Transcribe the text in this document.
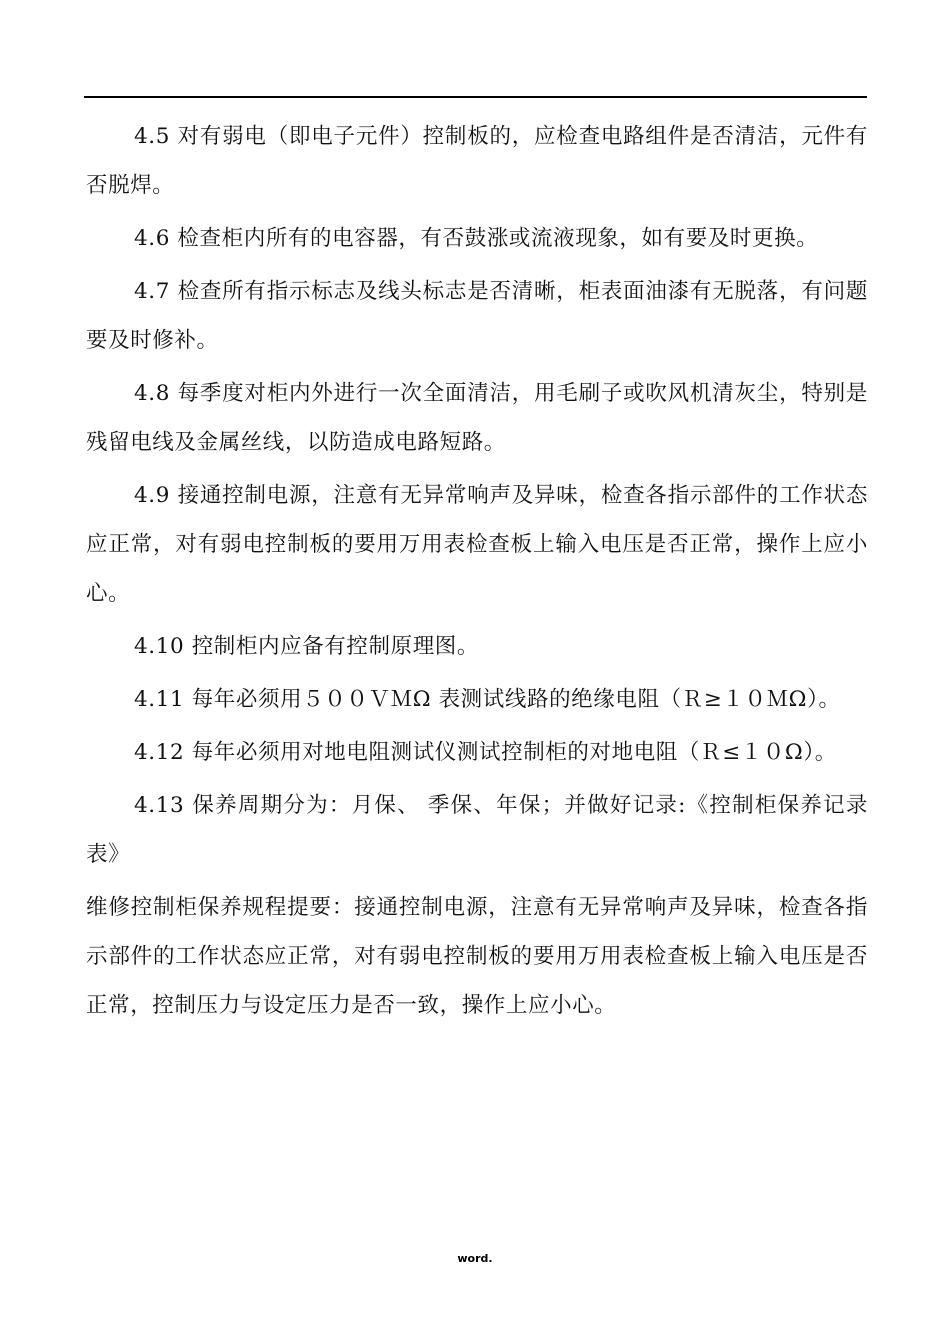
4.5 对有弱电（即电子元件）控制板的，应检查电路组件是否清洁，元件有否脱焊。

4.6 检查柜内所有的电容器，有否鼓涨或流液现象，如有要及时更换。

4.7 检查所有指示标志及线头标志是否清晰，柜表面油漆有无脱落，有问题要及时修补。

4.8 每季度对柜内外进行一次全面清洁，用毛刷子或吹风机清灰尘，特别是残留电线及金属丝线，以防造成电路短路。

4.9 接通控制电源，注意有无异常响声及异味，检查各指示部件的工作状态应正常，对有弱电控制板的要用万用表检查板上输入电压是否正常，操作上应小心。

4.10 控制柜内应备有控制原理图。

4.11 每年必须用５００ＶＭΩ 表测试线路的绝缘电阻（Ｒ≥１０ＭΩ）。

4.12 每年必须用对地电阻测试仪测试控制柜的对地电阻（Ｒ≤１０Ω）。

4.13 保养周期分为：月保、 季保、年保；并做好记录:《控制柜保养记录表》

维修控制柜保养规程提要：接通控制电源，注意有无异常响声及异味，检查各指示部件的工作状态应正常，对有弱电控制板的要用万用表检查板上输入电压是否正常，控制压力与设定压力是否一致，操作上应小心。

word.
